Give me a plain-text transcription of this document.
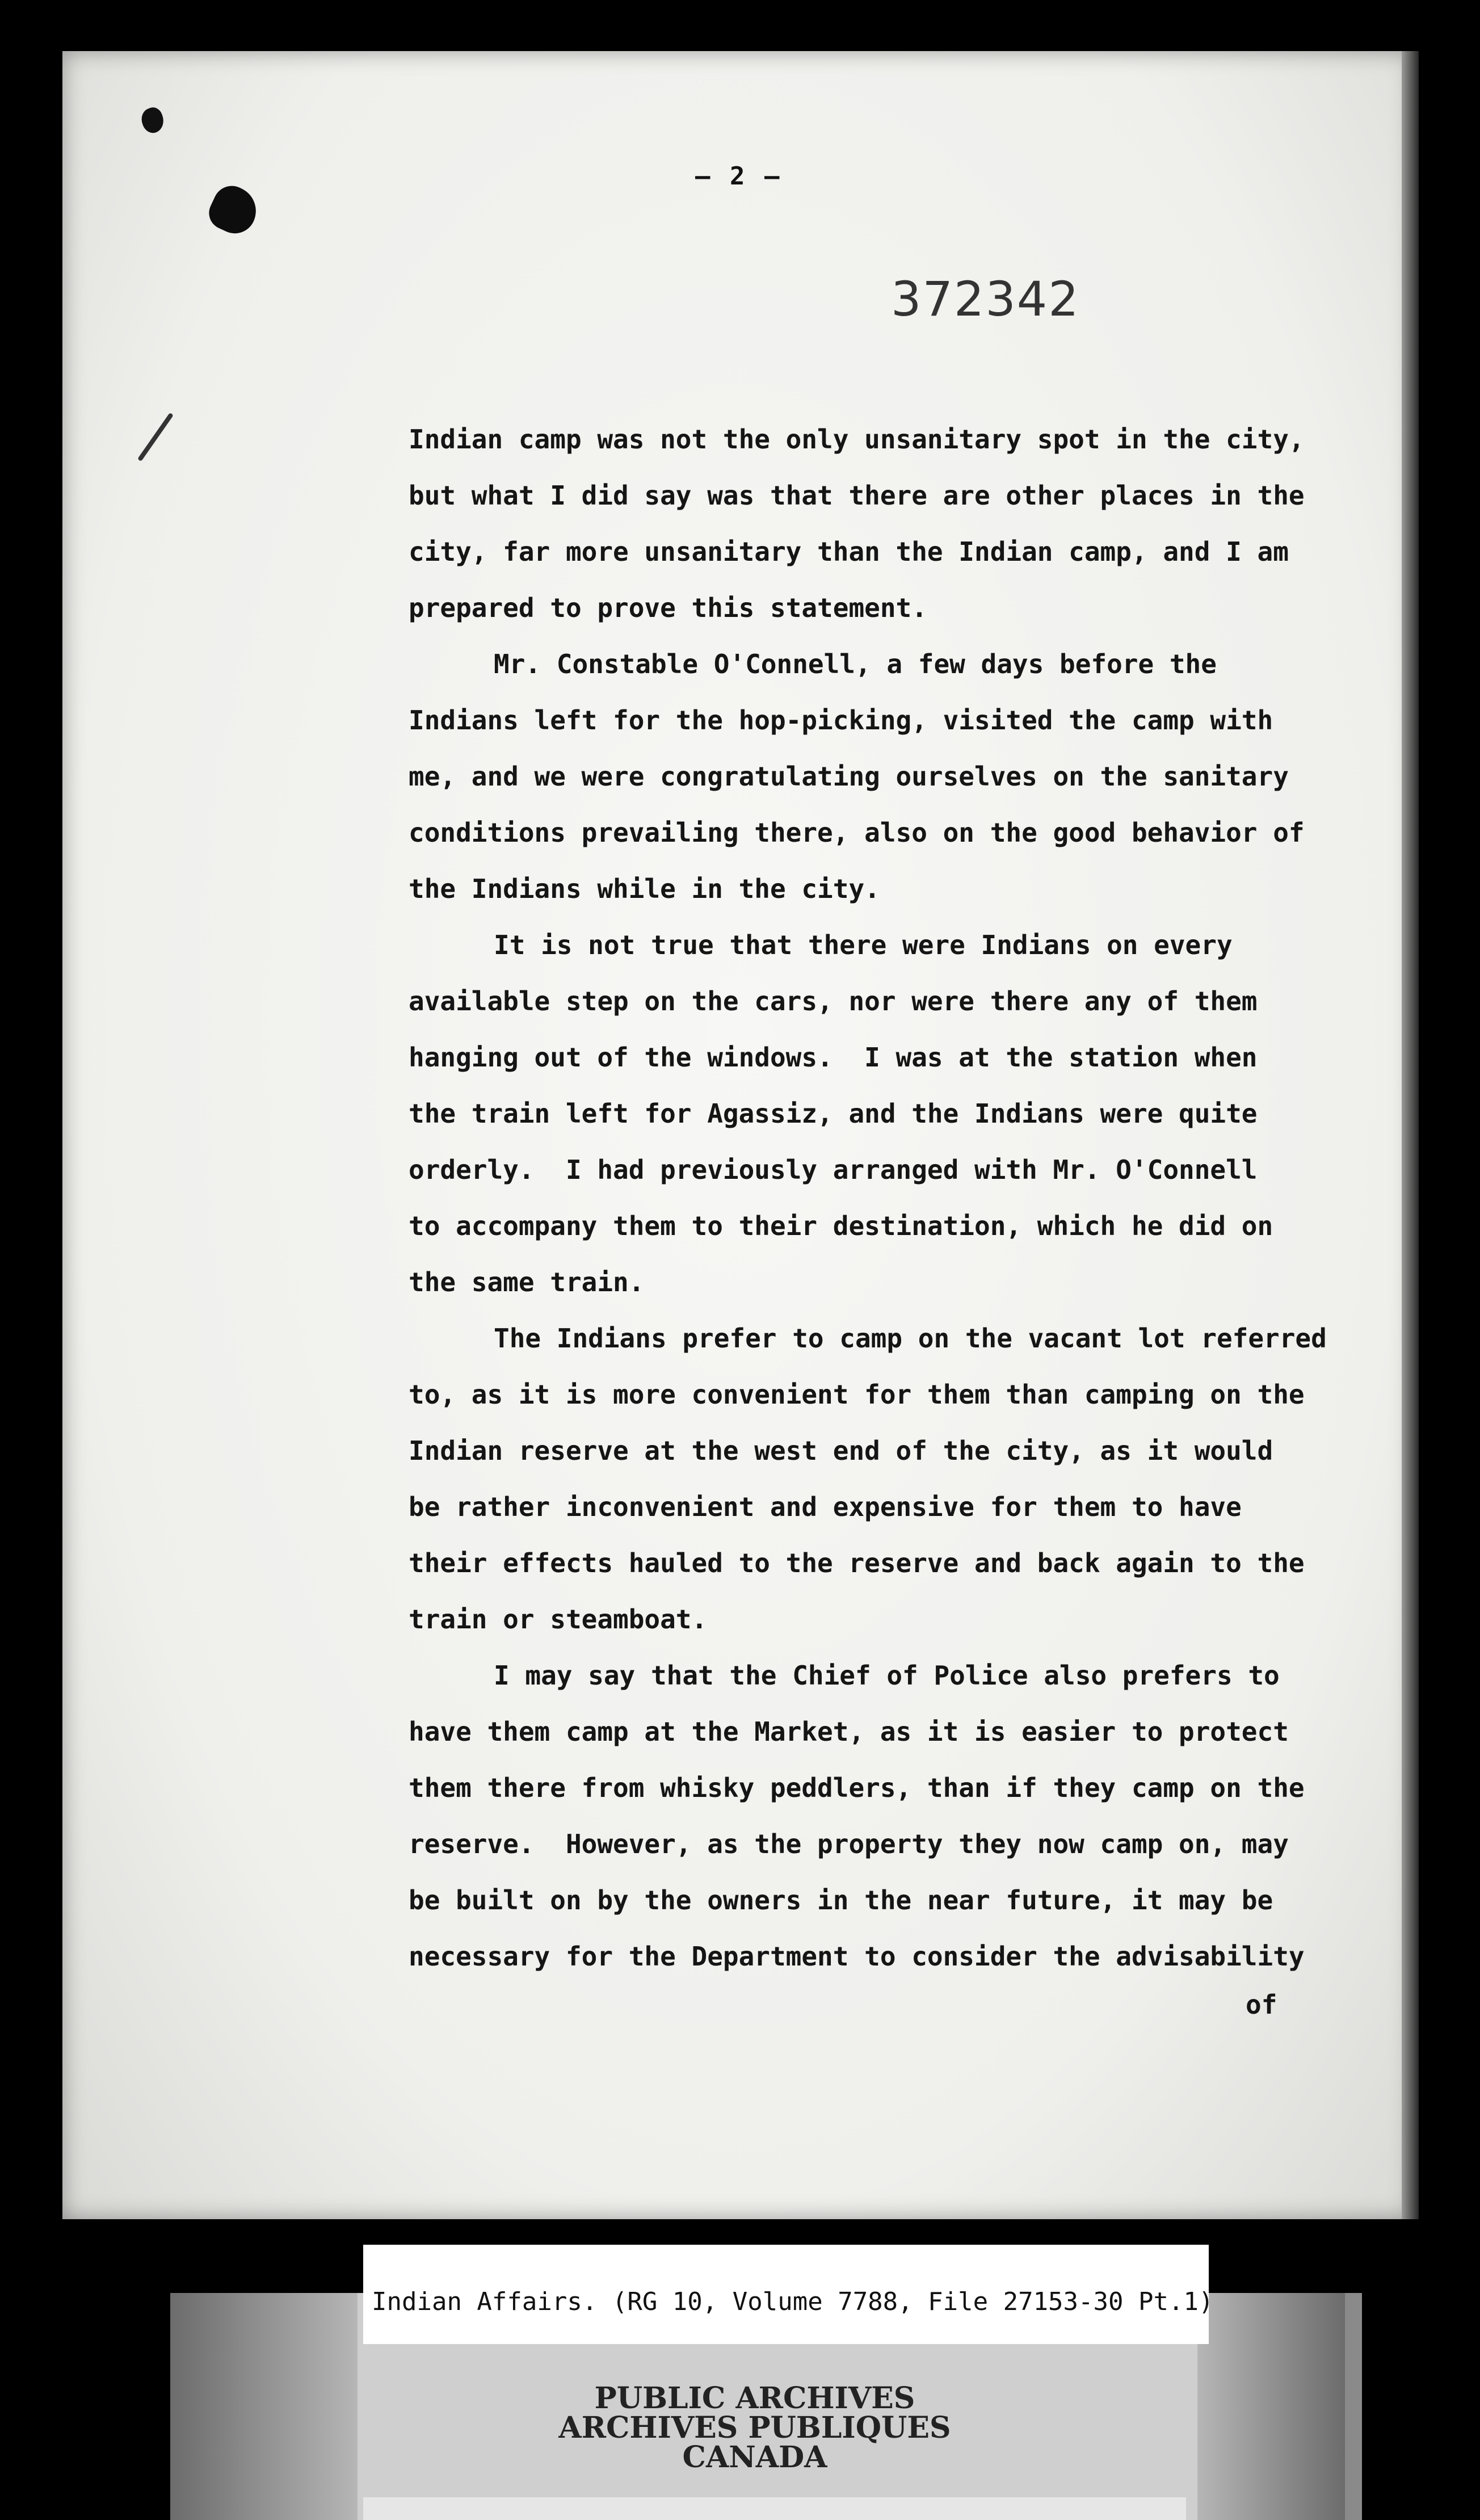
— 2 —
372342
Indian camp was not the only unsanitary spot in the city,
but what I did say was that there are other places in the
city, far more unsanitary than the Indian camp, and I am
prepared to prove this statement.
Mr. Constable O'Connell, a few days before the
Indians left for the hop-picking, visited the camp with
me, and we were congratulating ourselves on the sanitary
conditions prevailing there, also on the good behavior of
the Indians while in the city.
It is not true that there were Indians on every
available step on the cars, nor were there any of them
hanging out of the windows.  I was at the station when
the train left for Agassiz, and the Indians were quite
orderly.  I had previously arranged with Mr. O'Connell
to accompany them to their destination, which he did on
the same train.
The Indians prefer to camp on the vacant lot referred
to, as it is more convenient for them than camping on the
Indian reserve at the west end of the city, as it would
be rather inconvenient and expensive for them to have
their effects hauled to the reserve and back again to the
train or steamboat.
I may say that the Chief of Police also prefers to
have them camp at the Market, as it is easier to protect
them there from whisky peddlers, than if they camp on the
reserve.  However, as the property they now camp on, may
be built on by the owners in the near future, it may be
necessary for the Department to consider the advisability
of
Indian Affairs. (RG 10, Volume 7788, File 27153-30 Pt.1)
PUBLIC ARCHIVES
ARCHIVES PUBLIQUES
CANADA
